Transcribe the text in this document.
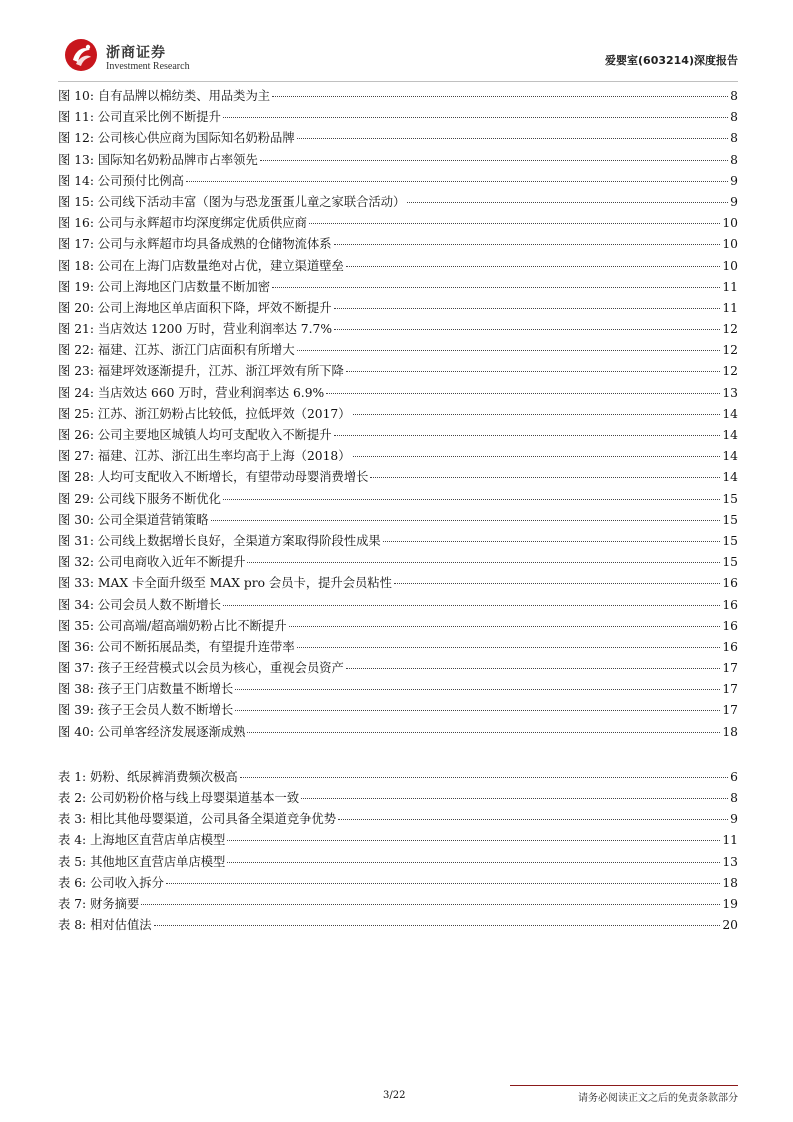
浙商证券
Investment Research	爱婴室(603214)深度报告
图 10: 自有品牌以棉纺类、用品类为主	8
图 11: 公司直采比例不断提升	8
图 12: 公司核心供应商为国际知名奶粉品牌	8
图 13: 国际知名奶粉品牌市占率领先	8
图 14: 公司预付比例高	9
图 15: 公司线下活动丰富（图为与恐龙蛋蛋儿童之家联合活动）	9
图 16: 公司与永辉超市均深度绑定优质供应商	10
图 17: 公司与永辉超市均具备成熟的仓储物流体系	10
图 18: 公司在上海门店数量绝对占优，建立渠道壁垒	10
图 19: 公司上海地区门店数量不断加密	11
图 20: 公司上海地区单店面积下降，坪效不断提升	11
图 21: 当店效达 1200 万时，营业利润率达 7.7%	12
图 22: 福建、江苏、浙江门店面积有所增大	12
图 23: 福建坪效逐渐提升，江苏、浙江坪效有所下降	12
图 24: 当店效达 660 万时，营业利润率达 6.9%	13
图 25: 江苏、浙江奶粉占比较低，拉低坪效（2017）	14
图 26: 公司主要地区城镇人均可支配收入不断提升	14
图 27: 福建、江苏、浙江出生率均高于上海（2018）	14
图 28: 人均可支配收入不断增长，有望带动母婴消费增长	14
图 29: 公司线下服务不断优化	15
图 30: 公司全渠道营销策略	15
图 31: 公司线上数据增长良好，全渠道方案取得阶段性成果	15
图 32: 公司电商收入近年不断提升	15
图 33: MAX 卡全面升级至 MAX pro 会员卡，提升会员粘性	16
图 34: 公司会员人数不断增长	16
图 35: 公司高端/超高端奶粉占比不断提升	16
图 36: 公司不断拓展品类，有望提升连带率	16
图 37: 孩子王经营模式以会员为核心，重视会员资产	17
图 38: 孩子王门店数量不断增长	17
图 39: 孩子王会员人数不断增长	17
图 40: 公司单客经济发展逐渐成熟	18
表 1: 奶粉、纸尿裤消费频次极高	6
表 2: 公司奶粉价格与线上母婴渠道基本一致	8
表 3: 相比其他母婴渠道，公司具备全渠道竞争优势	9
表 4: 上海地区直营店单店模型	11
表 5: 其他地区直营店单店模型	13
表 6: 公司收入拆分	18
表 7: 财务摘要	19
表 8: 相对估值法	20
3/22	请务必阅读正文之后的免责条款部分
